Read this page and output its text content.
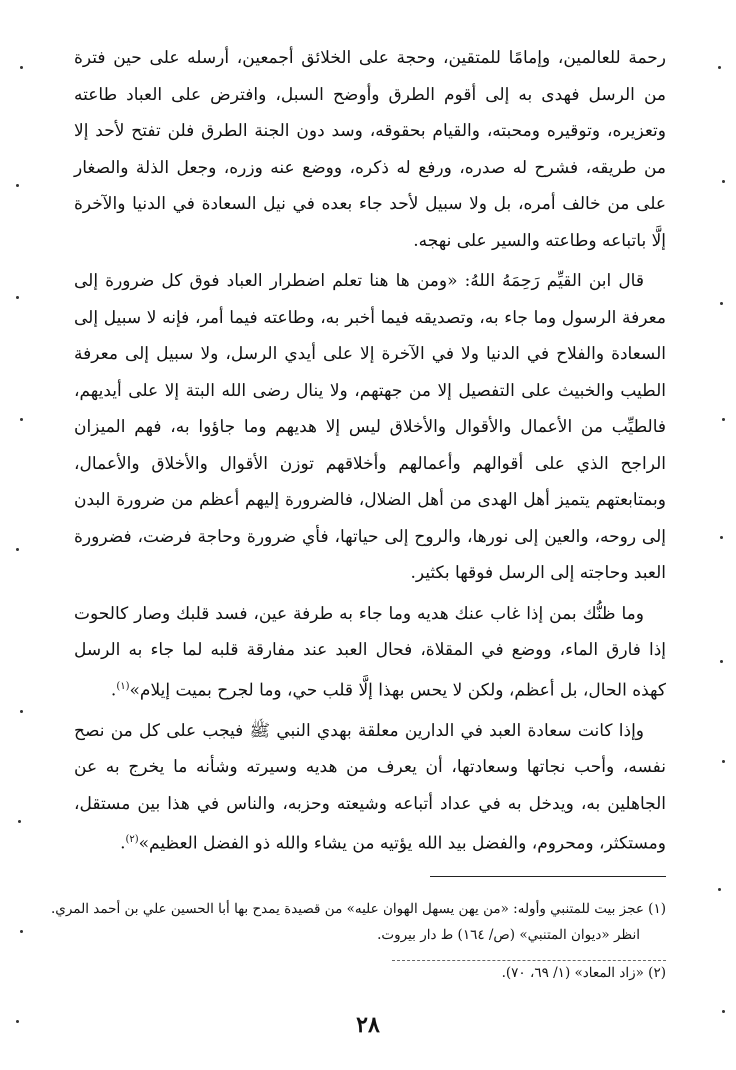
رحمة للعالمين، وإمامًا للمتقين، وحجة على الخلائق أجمعين، أرسله على حين فترة من الرسل فهدى به إلى أقوم الطرق وأوضح السبل، وافترض على العباد طاعته وتعزيره، وتوقيره ومحبته، والقيام بحقوقه، وسد دون الجنة الطرق فلن تفتح لأحد إلا من طريقه، فشرح له صدره، ورفع له ذكره، ووضع عنه وزره، وجعل الذلة والصغار على من خالف أمره، بل ولا سبيل لأحد جاء بعده في نيل السعادة في الدنيا والآخرة إلَّا باتباعه وطاعته والسير على نهجه.

قال ابن القيِّم رَحِمَهُ اللهُ: «ومن ها هنا تعلم اضطرار العباد فوق كل ضرورة إلى معرفة الرسول وما جاء به، وتصديقه فيما أخبر به، وطاعته فيما أمر، فإنه لا سبيل إلى السعادة والفلاح في الدنيا ولا في الآخرة إلا على أيدي الرسل، ولا سبيل إلى معرفة الطيب والخبيث على التفصيل إلا من جهتهم، ولا ينال رضى الله البتة إلا على أيديهم، فالطيِّب من الأعمال والأقوال والأخلاق ليس إلا هديهم وما جاؤوا به، فهم الميزان الراجح الذي على أقوالهم وأعمالهم وأخلاقهم توزن الأقوال والأخلاق والأعمال، وبمتابعتهم يتميز أهل الهدى من أهل الضلال، فالضرورة إليهم أعظم من ضرورة البدن إلى روحه، والعين إلى نورها، والروح إلى حياتها، فأي ضرورة وحاجة فرضت، فضرورة العبد وحاجته إلى الرسل فوقها بكثير.

وما ظنُّك بمن إذا غاب عنك هديه وما جاء به طرفة عين، فسد قلبك وصار كالحوت إذا فارق الماء، ووضع في المقلاة، فحال العبد عند مفارقة قلبه لما جاء به الرسل كهذه الحال، بل أعظم، ولكن لا يحس بهذا إلَّا قلب حي، وما لجرح بميت إيلام»$^{(١)}$.

وإذا كانت سعادة العبد في الدارين معلقة بهدي النبي ﷺ فيجب على كل من نصح نفسه، وأحب نجاتها وسعادتها، أن يعرف من هديه وسيرته وشأنه ما يخرج به عن الجاهلين به، ويدخل به في عداد أتباعه وشيعته وحزبه، والناس في هذا بين مستقل، ومستكثر، ومحروم، والفضل بيد الله يؤتيه من يشاء والله ذو الفضل العظيم»$^{(٢)}$.

(١) عجز بيت للمتنبي وأوله: «من يهن يسهل الهوان عليه» من قصيدة يمدح بها أبا الحسين علي بن أحمد المري.
انظر «ديوان المتنبي» (ص/ ١٦٤) ط دار بيروت.
(٢) «زاد المعاد» (١/ ٦٩، ٧٠).
٢٨
